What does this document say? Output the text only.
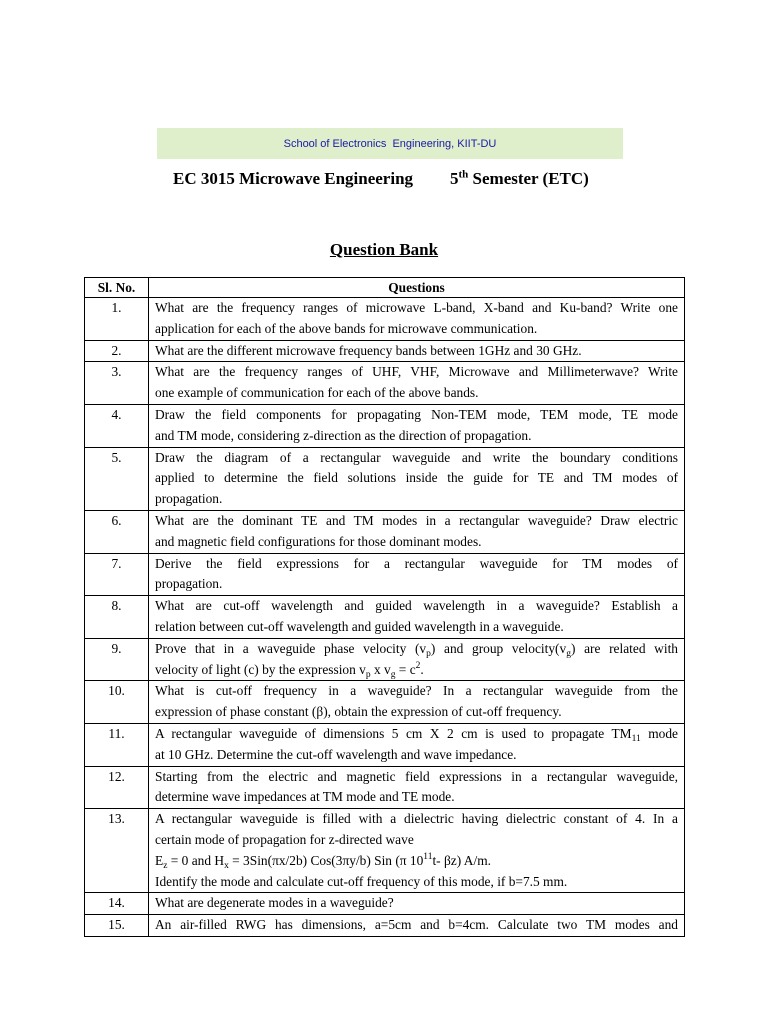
School of Electronics  Engineering, KIIT-DU

EC 3015 Microwave Engineering

5th Semester (ETC)

Question Bank
Sl. No.	Questions
1.	What are the frequency ranges of microwave L-band, X-band and Ku-band? Write one
application for each of the above bands for microwave communication.

2.	What are the different microwave frequency bands between 1GHz and 30 GHz.

3.	What are the frequency ranges of UHF, VHF, Microwave and Millimeterwave? Write
one example of communication for each of the above bands.

4.	Draw the field components for propagating Non-TEM mode, TEM mode, TE mode
and TM mode, considering z-direction as the direction of propagation.

5.	Draw the diagram of a rectangular waveguide and write the boundary conditions
applied to determine the field solutions inside the guide for TE and TM modes of
propagation.

6.	What are the dominant TE and TM modes in a rectangular waveguide? Draw electric
and magnetic field configurations for those dominant modes.

7.	Derive the field expressions for a rectangular waveguide for TM modes of
propagation.

8.	What are cut-off wavelength and guided wavelength in a waveguide? Establish a
relation between cut-off wavelength and guided wavelength in a waveguide.

9.	Prove that in a waveguide phase velocity $(v_p)$ and group $velocity(v_g)$ are related with
velocity of light (c) by the expression $v_p$ x $v_g = c^2$.

10.	What is cut-off frequency in a waveguide? In a rectangular waveguide from the
expression of phase constant (β), obtain the expression of cut-off frequency.

11.	A rectangular waveguide of dimensions 5 cm X 2 cm is used to propagate $TM_{11}$ mode
at 10 GHz. Determine the cut-off wavelength and wave impedance.

12.	Starting from the electric and magnetic field expressions in a rectangular waveguide,
determine wave impedances at TM mode and TE mode.

13.	A rectangular waveguide is filled with a dielectric having dielectric constant of 4. In a
certain mode of propagation for z-directed wave
$E_z = 0$ and $H_x = 3Sin(\pi x/2b)$ Cos(3πy/b) Sin (π $10^{11}t-$ βz) A/m.
Identify the mode and calculate cut-off frequency of this mode, if b=7.5 mm.

14.	What are degenerate modes in a waveguide?

15.	An air-filled RWG has dimensions, a=5cm and b=4cm. Calculate two TM modes and
